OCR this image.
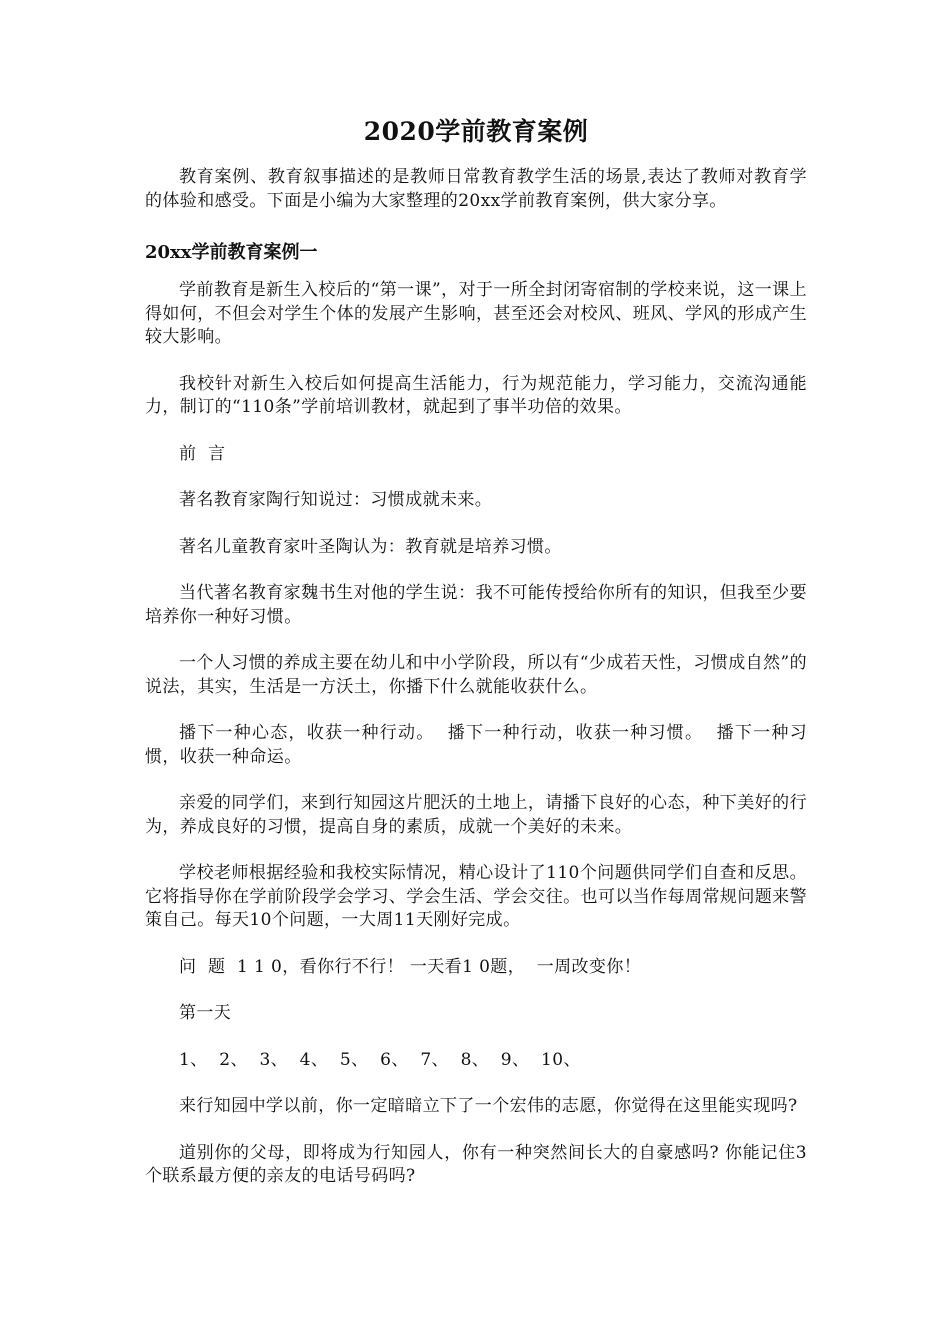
2020学前教育案例

教育案例、教育叙事描述的是教师日常教育教学生活的场景,表达了教师对教育学的体验和感受。下面是小编为大家整理的20xx学前教育案例，供大家分享。

20xx学前教育案例一

学前教育是新生入校后的“第一课”，对于一所全封闭寄宿制的学校来说，这一课上得如何，不但会对学生个体的发展产生影响，甚至还会对校风、班风、学风的形成产生较大影响。

我校针对新生入校后如何提高生活能力，行为规范能力，学习能力，交流沟通能力，制订的“110条”学前培训教材，就起到了事半功倍的效果。

前  言

著名教育家陶行知说过：习惯成就未来。

著名儿童教育家叶圣陶认为：教育就是培养习惯。

当代著名教育家魏书生对他的学生说：我不可能传授给你所有的知识，但我至少要培养你一种好习惯。

一个人习惯的养成主要在幼儿和中小学阶段，所以有“少成若天性，习惯成自然”的说法，其实，生活是一方沃土，你播下什么就能收获什么。

播下一种心态，收获一种行动。  播下一种行动，收获一种习惯。  播下一种习惯，收获一种命运。

亲爱的同学们，来到行知园这片肥沃的土地上，请播下良好的心态，种下美好的行为，养成良好的习惯，提高自身的素质，成就一个美好的未来。

学校老师根据经验和我校实际情况，精心设计了110个问题供同学们自查和反思。它将指导你在学前阶段学会学习、学会生活、学会交往。也可以当作每周常规问题来警策自己。每天10个问题，一大周11天刚好完成。

问  题  1 1 0，看你行不行！ 一天看1 0题，  一周改变你！

第一天

1、  2、  3、  4、  5、  6、  7、  8、  9、  10、

来行知园中学以前，你一定暗暗立下了一个宏伟的志愿，你觉得在这里能实现吗?

道别你的父母，即将成为行知园人，你有一种突然间长大的自豪感吗? 你能记住3个联系最方便的亲友的电话号码吗?
